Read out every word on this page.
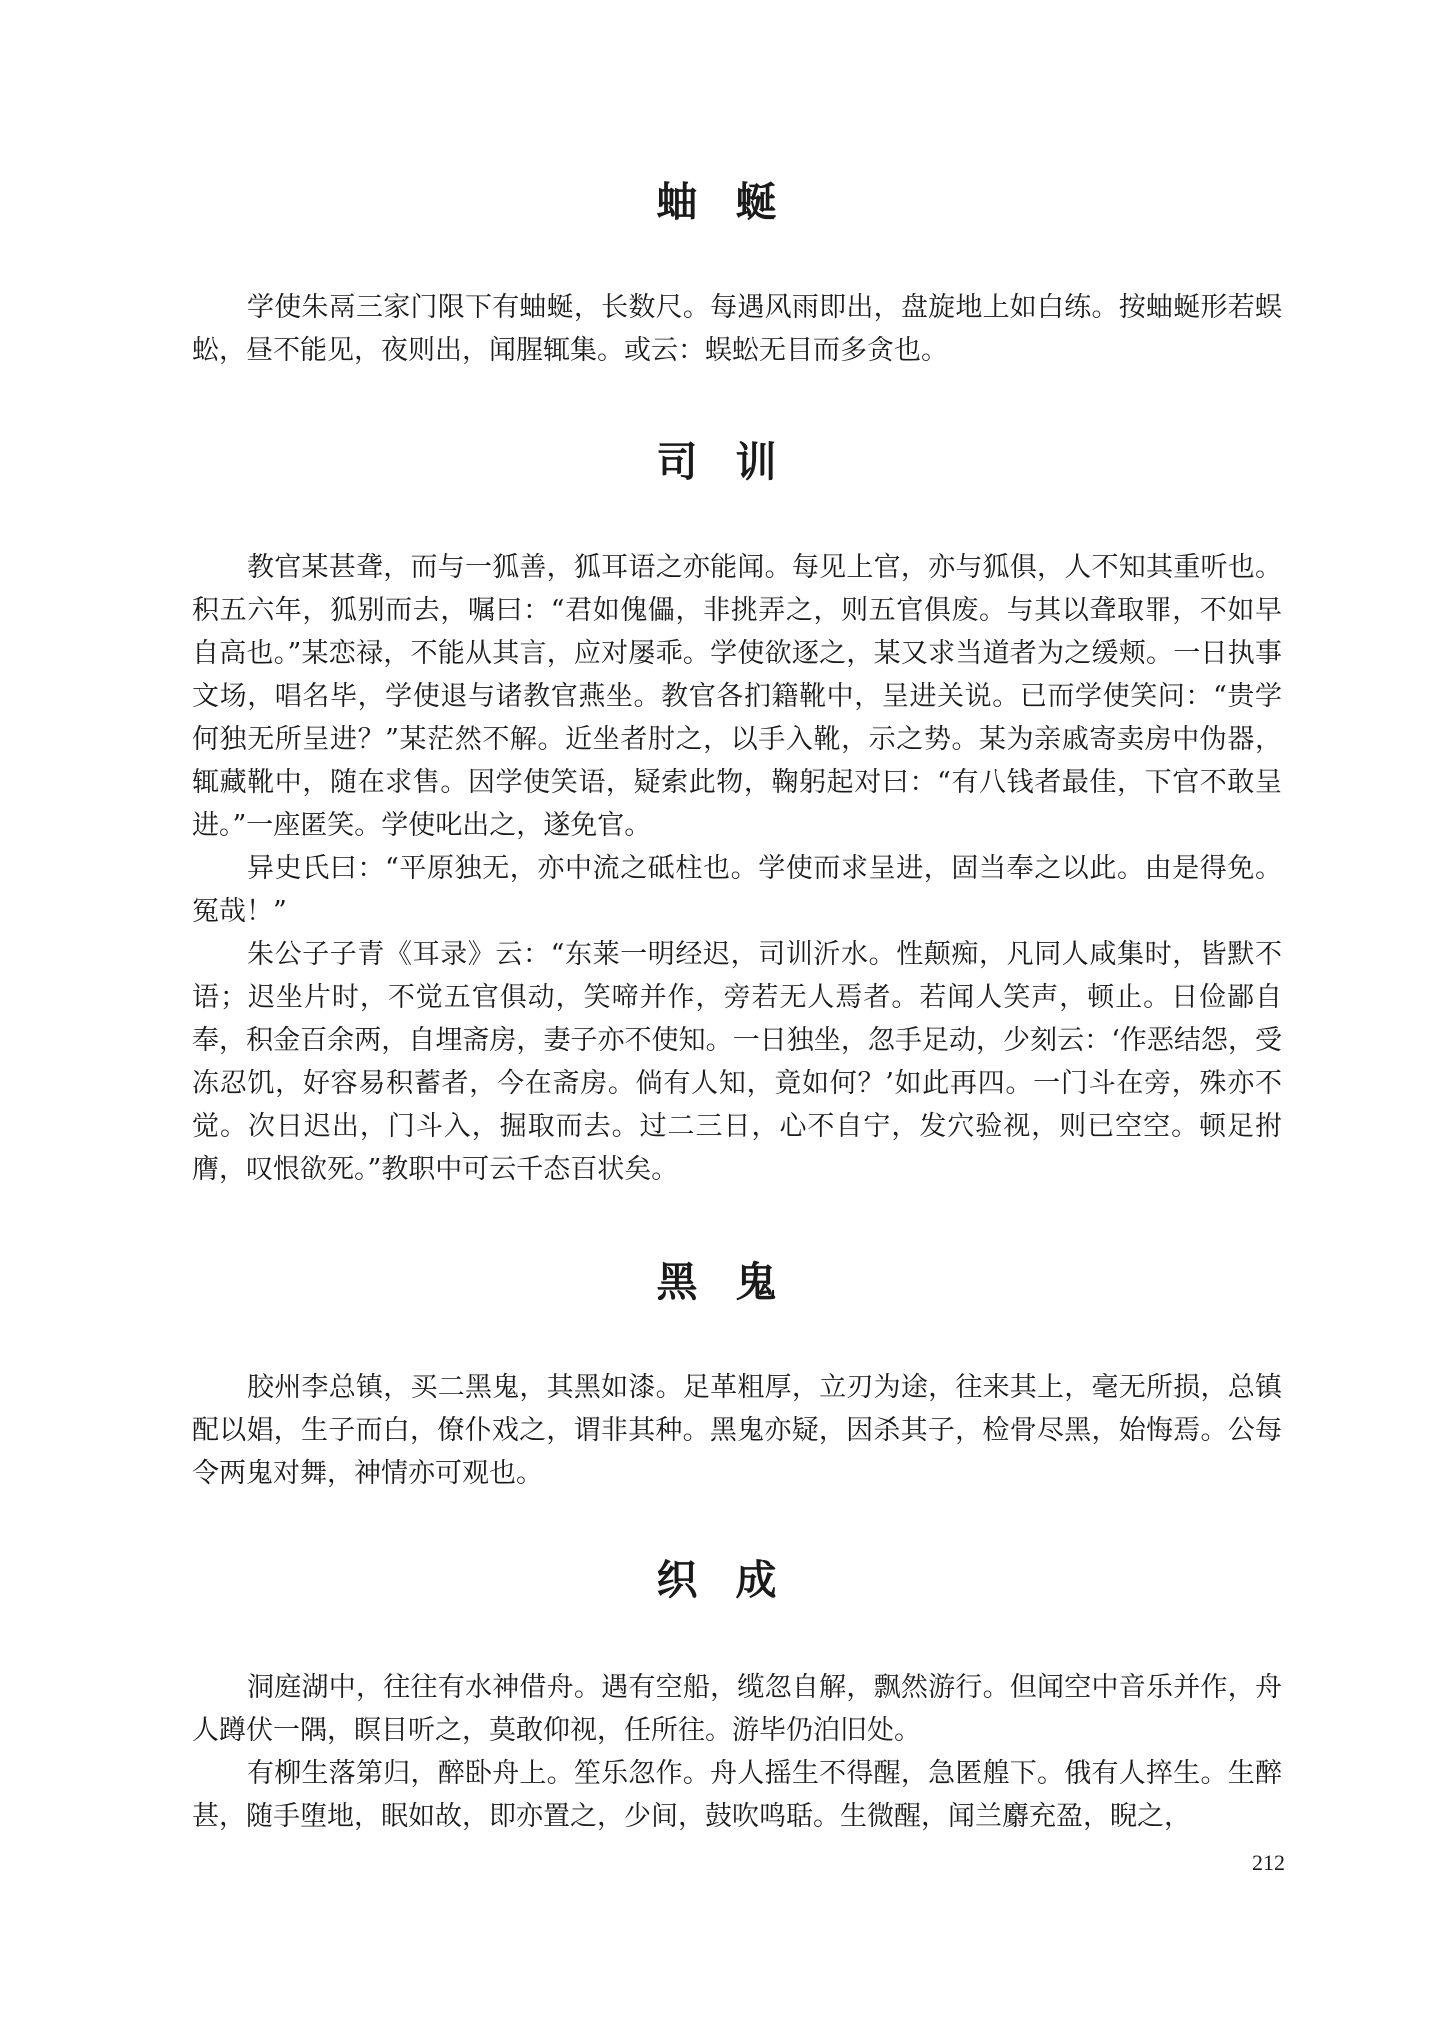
蚰蜒

学使朱鬲三家门限下有蚰蜒，长数尺。每遇风雨即出，盘旋地上如白练。按蚰蜒形若蜈蚣，昼不能见，夜则出，闻腥辄集。或云：蜈蚣无目而多贪也。

司训

教官某甚聋，而与一狐善，狐耳语之亦能闻。每见上官，亦与狐俱，人不知其重听也。积五六年，狐别而去，嘱曰：“君如傀儡，非挑弄之，则五官俱废。与其以聋取罪，不如早自高也。”某恋禄，不能从其言，应对屡乖。学使欲逐之，某又求当道者为之缓颊。一日执事文场，唱名毕，学使退与诸教官燕坐。教官各扪籍靴中，呈进关说。已而学使笑问：“贵学何独无所呈进？”某茫然不解。近坐者肘之，以手入靴，示之势。某为亲戚寄卖房中伪器，辄藏靴中，随在求售。因学使笑语，疑索此物，鞠躬起对曰：“有八钱者最佳，下官不敢呈进。”一座匿笑。学使叱出之，遂免官。

异史氏曰：“平原独无，亦中流之砥柱也。学使而求呈进，固当奉之以此。由是得免。冤哉！”

朱公子子青《耳录》云：“东莱一明经迟，司训沂水。性颠痴，凡同人咸集时，皆默不语；迟坐片时，不觉五官俱动，笑啼并作，旁若无人焉者。若闻人笑声，顿止。日俭鄙自奉，积金百余两，自埋斋房，妻子亦不使知。一日独坐，忽手足动，少刻云：‘作恶结怨，受冻忍饥，好容易积蓄者，今在斋房。倘有人知，竟如何？’如此再四。一门斗在旁，殊亦不觉。次日迟出，门斗入，掘取而去。过二三日，心不自宁，发穴验视，则已空空。顿足拊膺，叹恨欲死。”教职中可云千态百状矣。

黑鬼

胶州李总镇，买二黑鬼，其黑如漆。足革粗厚，立刃为途，往来其上，毫无所损，总镇配以娼，生子而白，僚仆戏之，谓非其种。黑鬼亦疑，因杀其子，检骨尽黑，始悔焉。公每令两鬼对舞，神情亦可观也。

织成

洞庭湖中，往往有水神借舟。遇有空船，缆忽自解，飘然游行。但闻空中音乐并作，舟人蹲伏一隅，瞑目听之，莫敢仰视，任所往。游毕仍泊旧处。

有柳生落第归，醉卧舟上。笙乐忽作。舟人摇生不得醒，急匿艎下。俄有人捽生。生醉甚，随手堕地，眠如故，即亦置之，少间，鼓吹鸣聒。生微醒，闻兰麝充盈，睨之，

212
